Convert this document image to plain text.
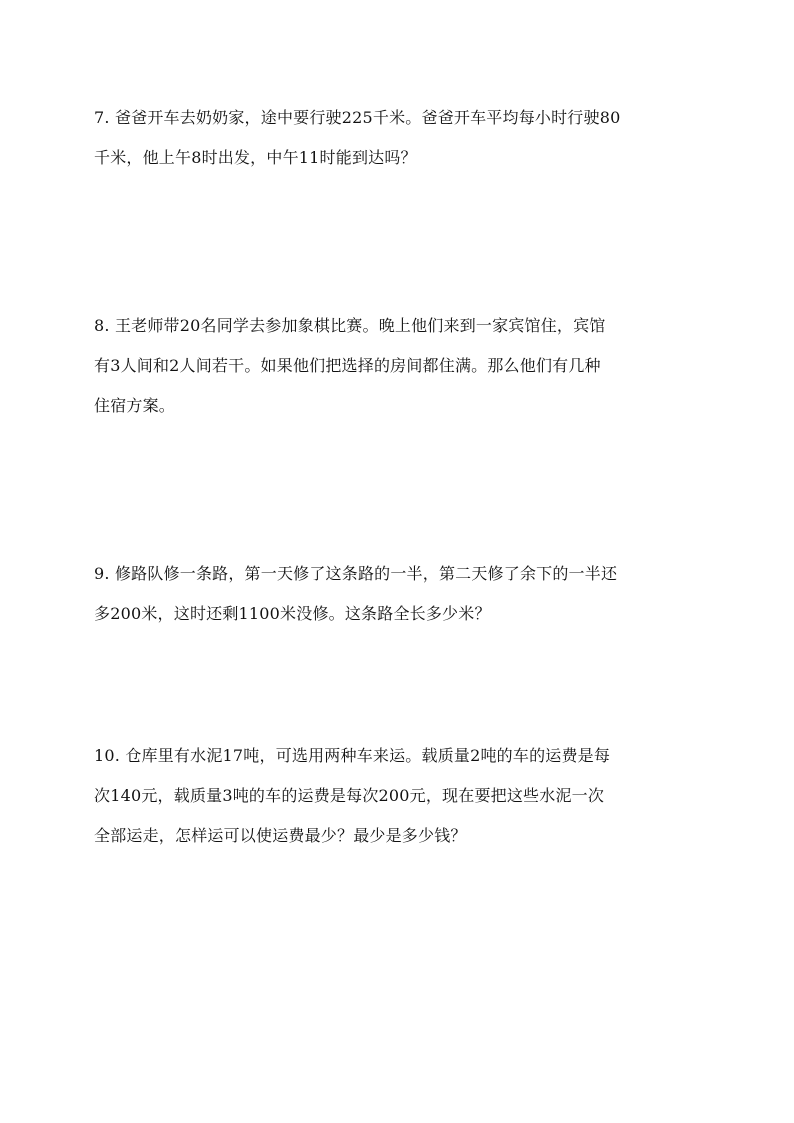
7. 爸爸开车去奶奶家，途中要行驶225千米。爸爸开车平均每小时行驶80
千米，他上午8时出发，中午11时能到达吗？
8. 王老师带20名同学去参加象棋比赛。晚上他们来到一家宾馆住，宾馆
有3人间和2人间若干。如果他们把选择的房间都住满。那么他们有几种
住宿方案。
9. 修路队修一条路，第一天修了这条路的一半，第二天修了余下的一半还
多200米，这时还剩1100米没修。这条路全长多少米？
10. 仓库里有水泥17吨，可选用两种车来运。载质量2吨的车的运费是每
次140元，载质量3吨的车的运费是每次200元，现在要把这些水泥一次
全部运走，怎样运可以使运费最少？最少是多少钱？
